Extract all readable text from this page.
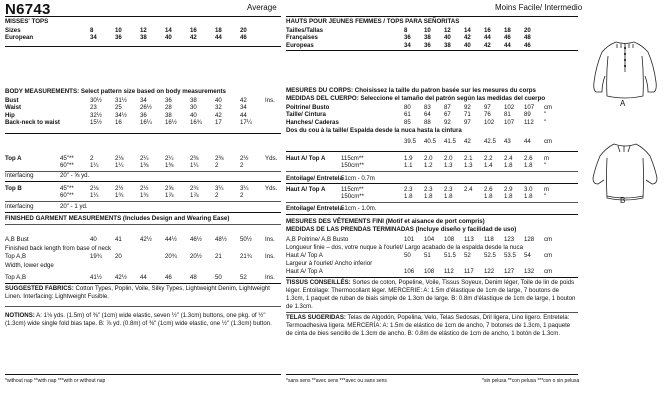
N6743	Average	Moins Facile/ Intermedio
MISSES' TOPS
Sizes	8	10	12	14	16	18	20
European	34	36	38	40	42	44	46
BODY MEASUREMENTS: Select pattern size based on body measurements
Bust	30½	31½	34	36	38	40	42	Ins.
Waist	23	25	26½	28	30	32	34	
Hip	32½	34½	36	38	40	42	44	
Back-neck to waist	15½	16	16¼	16½	16¾	17	17¼	
Top A	45"**	2	2⅛	2¼	2¼	2⅜	2⅜	2½	Yds.
	60"**	1¼	1¼	1⅜	1⅜	1¼	2	2	
Interfacing	20" - ⅝ yd.
Top B	45"**	2⅛	2½	2½	2⅝	2¾	3¼	3¼	Yds.
	60"**	1¼	1¾	1¾	1⅞	1⅞	2	2	
Interfacing	20" - 1 yd.
FINISHED GARMENT MEASUREMENTS (Includes Design and Wearing Ease)
A,B Bust	40	41	42½	44½	46½	48½	50½	Ins.
Finished back length from base of neck
Top A,B	19¾	20		20¾	20½	21	21¾	Ins.
Width, lower edge
Top A,B	41½	42½	44	46	48	50	52	Ins.
SUGGESTED FABRICS: Cotton Types, Poplin, Voile, Silky Types, Lightweight Denim, Lightweight Linen. Interfacing: Lightweight Fusible.
NOTIONS: A: 1⅛ yds. (1.5m) of ⅜" (1cm) wide elastic, seven ½" (1.3cm) buttons, one pkg. of ½" (1.3cm) wide single fold bias tape. B: ⅞ yd. (0.8m) of ⅜" (1cm) wide elastic, one ½" (1.3cm) button.
*without nap **with nap ***with or without nap
HAUTS POUR JEUNES FEMMES / TOPS PARA SEÑORITAS
Tailles/Tallas	8	10	12	14	16	18	20
Françaises	36	38	40	42	44	46	48
Europeas	34	36	38	40	42	44	46
MESURES DU CORPS: Choisissez la taille du patron basée sur les mesures du corps
MEDIDAS DEL CUERPO: Seleccione el tamaño del patrón según las medidas del cuerpo
Poitrine/ Busto	80	83	87	92	97	102	107	cm
Taille/ Cintura	61	64	67	71	76	81	89	"
Hanches/ Caderas	85	88	92	97	102	107	112	"
Dos du cou à la taille/ Espalda desde la nuca hasta la cintura
	39.5	40.5	41.5	42	42.5	43	44	cm
Haut A/ Top A	115cm**	1.9	2.0	2.0	2.1	2.2	2.4	2.6	m
	150cm**	1.1	1.2	1.3	1.3	1.4	1.8	1.8	"
Entoilage/ Entretela
51cm - 0.7m
Haut A/ Top A	115cm**	2.3	2.3	2.3	2.4	2.6	2.9	3.0	m
	150cm**	1.8	1.8	1.8		1.8	1.8	1.8	"
Entoilage/ Entretela
51cm - 1.0m.
MESURES DES VÊTEMENTS FINI (Motif et aisance de port compris)
MEDIDAS DE LAS PRENDAS TERMINADAS (Incluye diseño y facilidad de uso)
A,B Poitrine/ A,B Busto	101	104	108	113	118	123	128	cm
Longueur finie – dos, votre nuque à l'ourlet/ Largo acabado de la espalda desde la nuca
Haut A/ Top A	50	51	51.5	52	52.5	53.5	54	cm
Largeur à l'ourlet/ Ancho inferior
Haut A/ Top A	106	108	112	117	122	127	132	cm
TISSUS CONSEILLÉS: Sortes de coton, Popeline, Voile, Tissus Soyeux, Denim léger, Toile de lin de poids léger. Entoilage: Thermocollant léger. MERCERIE: A: 1.5m d'élastique de 1cm de large, 7 boutons de 1.3cm, 1 paquet de ruban de biais simple de 1.3cm de large. B: 0.8m d'élastique de 1cm de large, 1 bouton de 1.3cm.
TELAS SUGERIDAS: Telas de Algodón, Popelina, Velo, Telas Sedosas, Dril ligera, Lino ligero. Entretela: Termoadhesiva ligera. MERCERÍA: A: 1.5m de elástico de 1cm de ancho, 7 botones de 1.3cm, 1 paquete de cinta de bies sencillo de 1.3cm de ancho. B: 0.8m de elástico de 1cm de ancho, 1 botón de 1.3cm.
*sans sens **avec sens ***avec ou sans sens	*sin pelusa **con pelusa ***con o sin pelusa
A
B
